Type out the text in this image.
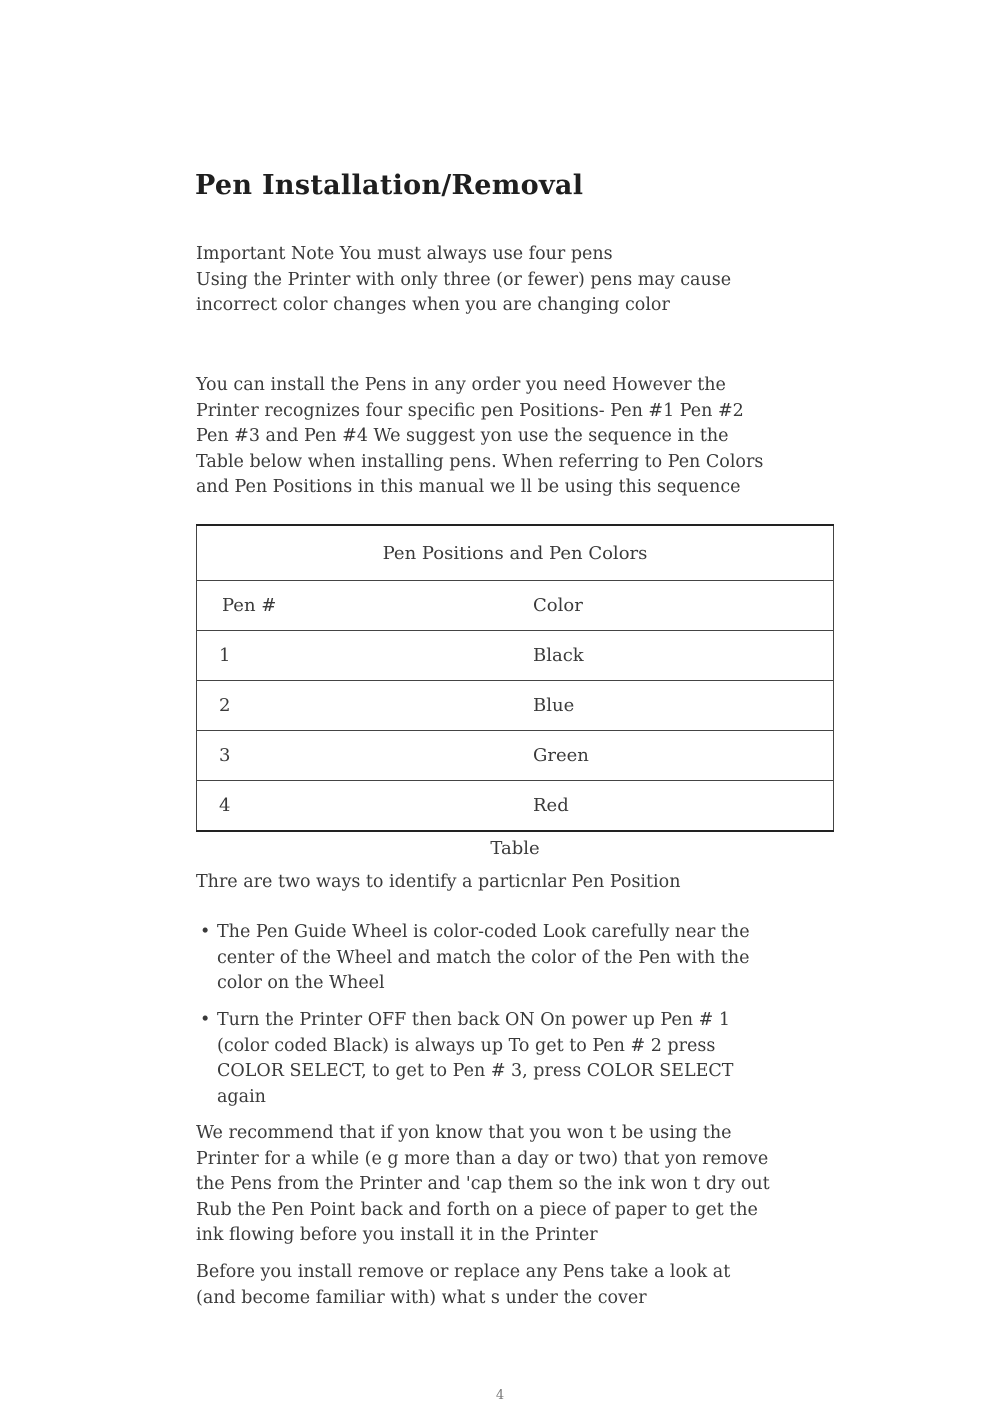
Pen Installation/Removal

Important Note You must always use four pens
Using the Printer with only three (or fewer) pens may cause
incorrect color changes when you are changing color

You can install the Pens in any order you need However the
Printer recognizes four specific pen Positions- Pen #1 Pen #2
Pen #3 and Pen #4 We suggest yon use the sequence in the
Table below when installing pens. When referring to Pen Colors
and Pen Positions in this manual we ll be using this sequence

Pen Positions and Pen Colors	
Pen #	Color
1	Black
2	Blue
3	Green
4	Red
Table

Thre are two ways to identify a particnlar Pen Position

• The Pen Guide Wheel is color-coded Look carefully near the
center of the Wheel and match the color of the Pen with the
color on the Wheel
• Turn the Printer OFF then back ON On power up Pen # 1
(color coded Black) is always up To get to Pen # 2 press
COLOR SELECT, to get to Pen # 3, press COLOR SELECT
again

We recommend that if yon know that you won t be using the
Printer for a while (e g more than a day or two) that yon remove
the Pens from the Printer and 'cap them so the ink won t dry out
Rub the Pen Point back and forth on a piece of paper to get the
ink flowing before you install it in the Printer

Before you install remove or replace any Pens take a look at
(and become familiar with) what s under the cover

4
